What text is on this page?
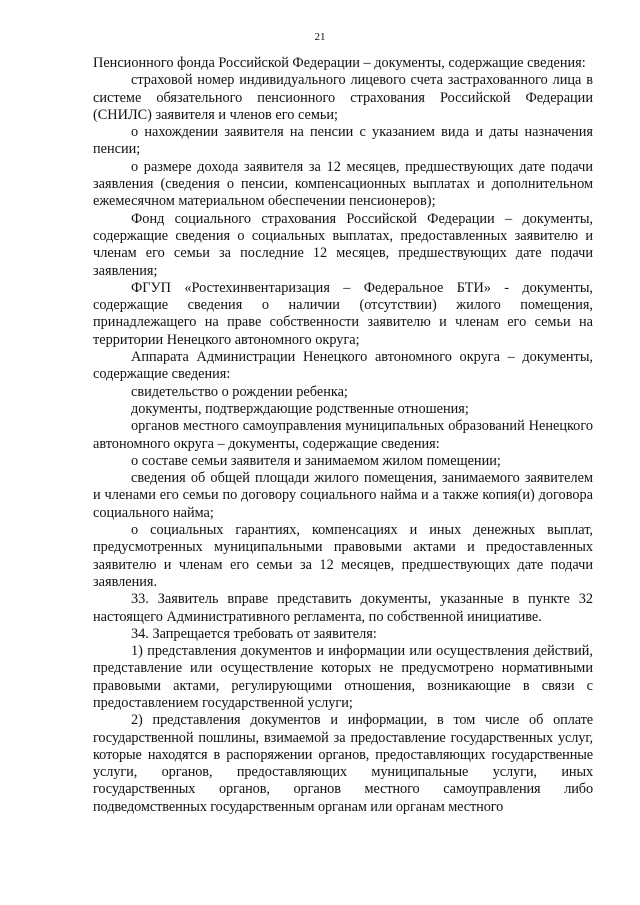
21

Пенсионного фонда Российской Федерации – документы, содержащие сведения:

страховой номер индивидуального лицевого счета застрахованного лица в системе обязательного пенсионного страхования Российской Федерации (СНИЛС) заявителя и членов его семьи;

о нахождении заявителя на пенсии с указанием вида и даты назначения пенсии;

о размере дохода заявителя за 12 месяцев, предшествующих дате подачи заявления (сведения о пенсии, компенсационных выплатах и дополнительном ежемесячном материальном обеспечении пенсионеров);

Фонд социального страхования Российской Федерации – документы, содержащие сведения о социальных выплатах, предоставленных заявителю и членам его семьи за последние 12 месяцев, предшествующих дате подачи заявления;

ФГУП «Ростехинвентаризация – Федеральное БТИ» - документы, содержащие сведения о наличии (отсутствии) жилого помещения, принадлежащего на праве собственности заявителю и членам его семьи на территории Ненецкого автономного округа;

Аппарата Администрации Ненецкого автономного округа – документы, содержащие сведения:

свидетельство о рождении ребенка;

документы, подтверждающие родственные отношения;

органов местного самоуправления муниципальных образований Ненецкого автономного округа – документы, содержащие сведения:

о составе семьи заявителя и занимаемом жилом помещении;

сведения об общей площади жилого помещения, занимаемого заявителем и членами его семьи по договору социального найма и а также копия(и) договора социального найма;

о социальных гарантиях, компенсациях и иных денежных выплат, предусмотренных муниципальными правовыми актами и предоставленных заявителю и членам его семьи за 12 месяцев, предшествующих дате подачи заявления.

33. Заявитель вправе представить документы, указанные в пункте 32 настоящего Административного регламента, по собственной инициативе.

34. Запрещается требовать от заявителя:

1) представления документов и информации или осуществления действий, представление или осуществление которых не предусмотрено нормативными правовыми актами, регулирующими отношения, возникающие в связи с предоставлением государственной услуги;

2) представления документов и информации, в том числе об оплате государственной пошлины, взимаемой за предоставление государственных услуг, которые находятся в распоряжении органов, предоставляющих государственные услуги, органов, предоставляющих муниципальные услуги, иных государственных органов, органов местного самоуправления либо подведомственных государственным органам или органам местного
